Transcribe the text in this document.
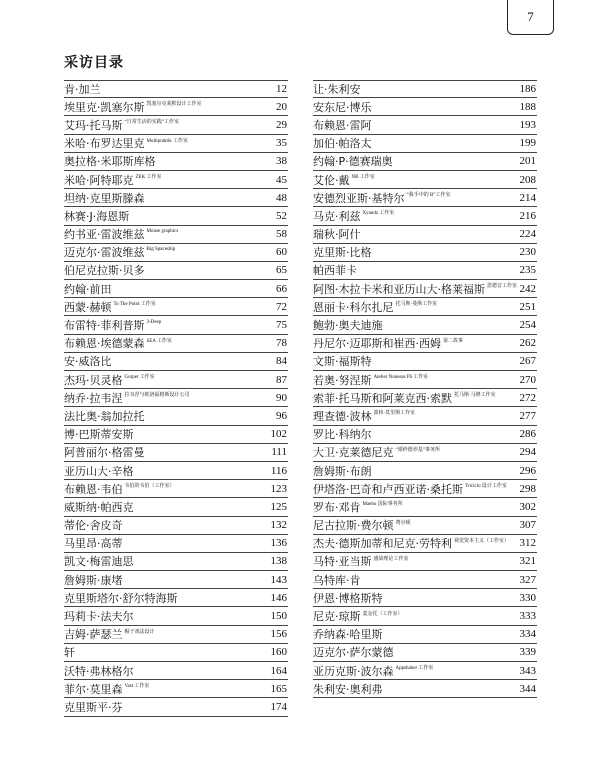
7
采访目录
肯·加兰	12
埃里克·凯塞尔斯 凯塞尔克莱默设计工作室	20
艾玛·托马斯 “日常生活的实践”工作室	29
米哈·布罗达里克 Multipraktik 工作室	35
奥拉格·米耶斯库格	38
米哈·阿特耶克 ZEK 工作室	45
坦纳·克里斯滕森	48
林赛·J·海恩斯	52
约书亚·雷波维兹 Mouse graphics	58
迈克尔·雷波维兹 Big Spaceship	60
伯尼克拉斯·贝多	65
约翰·前田	66
西蒙·赫顿 To The Point 工作室	72
布雷特·菲利普斯 3-Deep	75
布赖恩·埃德蒙森 SEA 工作室	78
安·威洛比	84
杰玛·贝灵格 Gurpet 工作室	87
纳乔·拉韦涅 拉韦涅与欧洛福格斯设计公司	90
法比奥·翁加拉托	96
博·巴斯蒂安斯	102
阿普丽尔·格雷曼	111
亚历山大·辛格	116
布赖恩·韦伯 韦伯的韦伯（工作室）	123
威斯纳·帕西克	125
蒂伦·舍皮奇	132
马里昂·高蒂	136
凯文·梅雷迪思	138
詹姆斯·康堵	143
克里斯塔尔·舒尔特海斯	146
玛莉卡·法夫尔	150
吉姆·萨瑟兰 帽子戏法设计	156
轩	160
沃特·弗林格尔	164
菲尔·莫里森 Vast 工作室	165
克里斯平·芬	174
让·朱利安	186
安东尼·博乐	188
布赖恩·雷阿	193
加伯·帕洛太	199
约翰·P·德赛瑞奥	201
艾伦·戴 NB 工作室	208
安德烈亚斯·基特尔 “我手中的 B”工作室	214
马克·利兹 Xyandz 工作室	216
瑞秋·阿什	224
克里斯·比格	230
帕西菲卡	235
阿图·木拉卡米和亚历山大·格莱福斯 恩德音工作室 242
恩丽卡·科尔扎尼 托马斯·曼斯工作室	251
鲍勃·奥夫迪施	254
丹尼尔·迈耶斯和崔西·西姆 第二故事	262
文斯·福斯特	267
若奥·努涅斯 Atelier Nunesas Pã 工作室	270
索菲·托马斯和阿莱克西·索默 托马斯·马修工作室 272
理查德·波林 波林·莫里斯工作室	277
罗比·科纳尔	286
大卫·克莱德尼克 “婚纱德养基”事务所	294
詹姆斯·布朗	296
伊塔洛·巴奇和卢西亚诺·桑托斯 Triciclo 设计工作室 298
罗布·邓肯 Maebo 国际事务所	302
尼古拉斯·费尔顿 费尔顿	307
杰夫·德斯加蒂和尼克·劳特利 视觉资本主义（工作室） 312
马特·亚当斯 感染理论工作室	321
乌特库·肯	327
伊恩·博格斯特	330
尼克·琼斯 麦金托（工作室）	333
乔纳森·哈里斯	334
迈克尔·萨尔蒙德	339
亚历克斯·波尔森 Appshaker 工作室	343
朱利安·奥利弗	344
